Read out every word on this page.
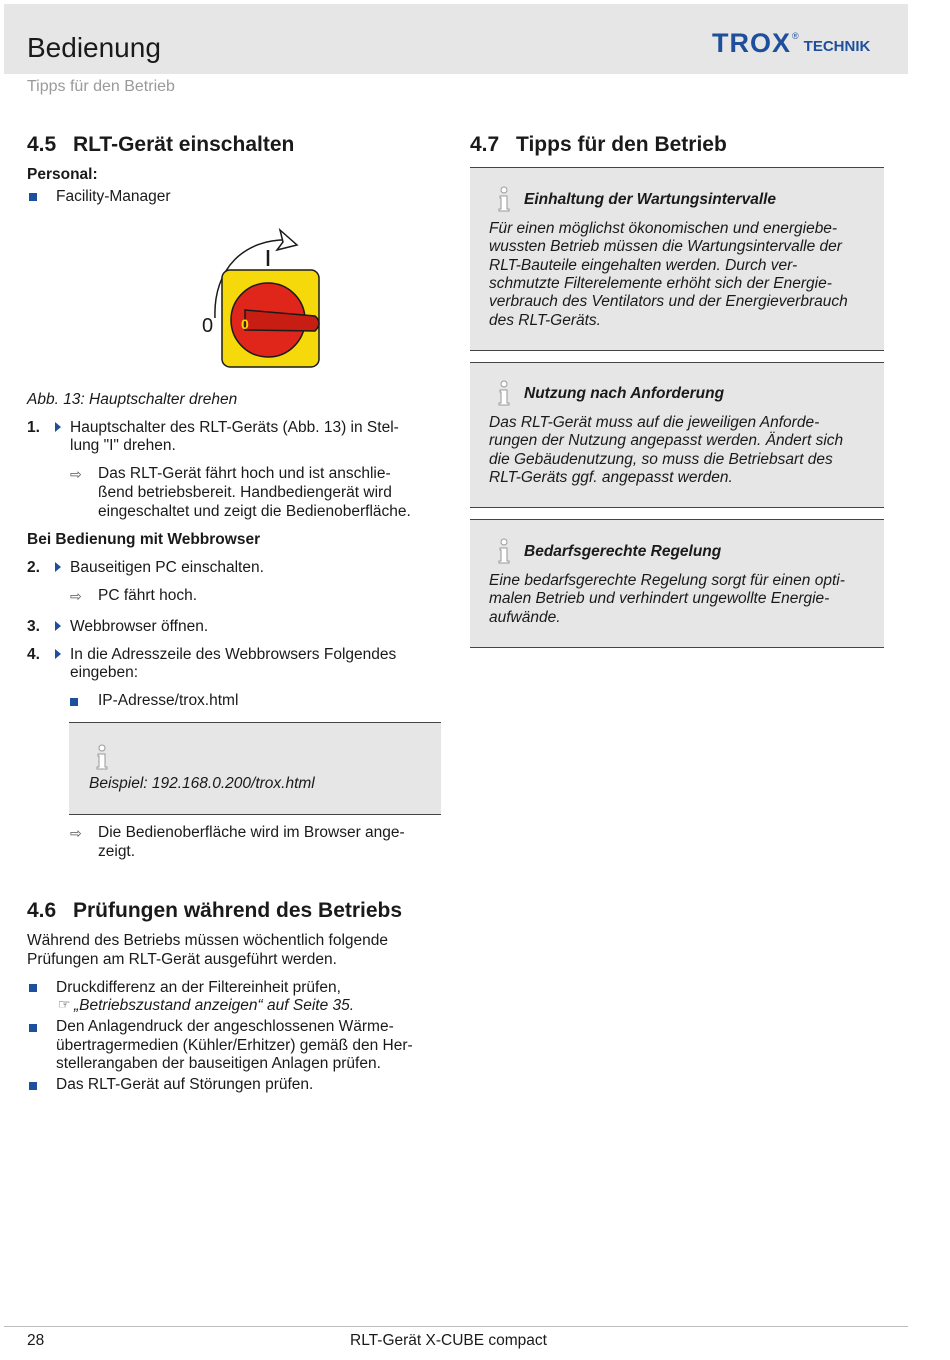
Bedienung
Tipps für den Betrieb
TROX ®
TECHNIK
4.5 RLT-Gerät einschalten
Personal:
Facility-Manager
0
0
Abb. 13: Hauptschalter drehen
1. Hauptschalter des RLT-Geräts (Abb. 13) in Stel-
lung "I" drehen.
⇨ Das RLT-Gerät fährt hoch und ist anschlie-
ßend betriebsbereit. Handbediengerät wird
eingeschaltet und zeigt die Bedienoberfläche.
Bei Bedienung mit Webbrowser
2. Bauseitigen PC einschalten.
⇨ PC fährt hoch.
3. Webbrowser öffnen.
4. In die Adresszeile des Webbrowsers Folgendes
eingeben:
IP-Adresse/trox.html
Beispiel: 192.168.0.200/trox.html
⇨ Die Bedienoberfläche wird im Browser ange-
zeigt.
4.6 Prüfungen während des Betriebs
Während des Betriebs müssen wöchentlich folgende
Prüfungen am RLT-Gerät ausgeführt werden.
Druckdifferenz an der Filtereinheit prüfen,
☞ „Betriebszustand anzeigen“ auf Seite 35.
Den Anlagendruck der angeschlossenen Wärme-
übertragermedien (Kühler/Erhitzer) gemäß den Her-
stellerangaben der bauseitigen Anlagen prüfen.
Das RLT-Gerät auf Störungen prüfen.
4.7 Tipps für den Betrieb
Einhaltung der Wartungsintervalle
Für einen möglichst ökonomischen und energiebe-
wussten Betrieb müssen die Wartungsintervalle der
RLT-Bauteile eingehalten werden. Durch ver-
schmutzte Filterelemente erhöht sich der Energie-
verbrauch des Ventilators und der Energieverbrauch
des RLT-Geräts.
Nutzung nach Anforderung
Das RLT-Gerät muss auf die jeweiligen Anforde-
rungen der Nutzung angepasst werden. Ändert sich
die Gebäudenutzung, so muss die Betriebsart des
RLT-Geräts ggf. angepasst werden.
Bedarfsgerechte Regelung
Eine bedarfsgerechte Regelung sorgt für einen opti-
malen Betrieb und verhindert ungewollte Energie-
aufwände.
28	RLT-Gerät X-CUBE compact
